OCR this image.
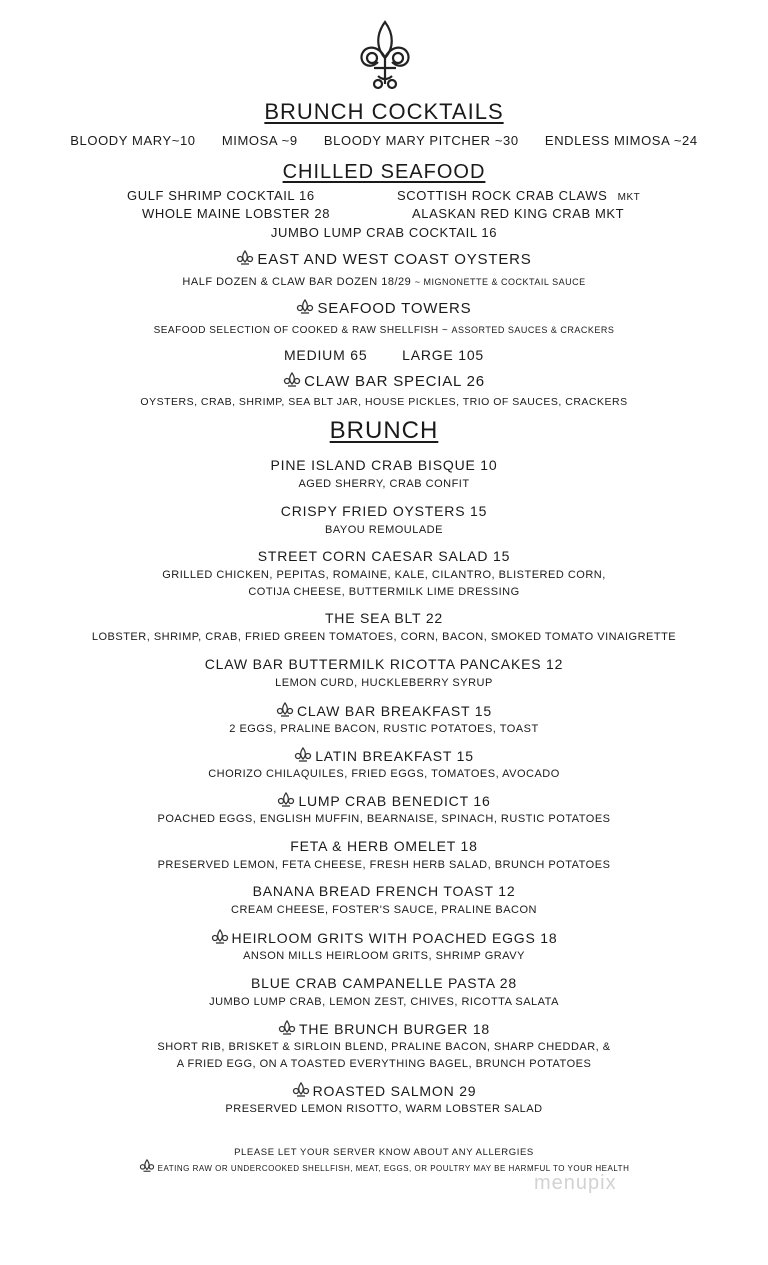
BRUNCH COCKTAILS
BLOODY MARY~10 MIMOSA ~9 BLOODY MARY PITCHER ~30 ENDLESS MIMOSA ~24
CHILLED SEAFOOD
GULF SHRIMP COCKTAIL 16	SCOTTISH ROCK CRAB CLAWS MKT
WHOLE MAINE LOBSTER 28	ALASKAN RED KING CRAB MKT
JUMBO LUMP CRAB COCKTAIL 16
EAST AND WEST COAST OYSTERS
HALF DOZEN & CLAW BAR DOZEN 18/29 ~ MIGNONETTE & COCKTAIL SAUCE
SEAFOOD TOWERS
SEAFOOD SELECTION OF COOKED & RAW SHELLFISH ~ ASSORTED SAUCES & CRACKERS
MEDIUM 65 LARGE 105
CLAW BAR SPECIAL 26
OYSTERS, CRAB, SHRIMP, SEA BLT JAR, HOUSE PICKLES, TRIO OF SAUCES, CRACKERS
BRUNCH
PINE ISLAND CRAB BISQUE 10
AGED SHERRY, CRAB CONFIT
CRISPY FRIED OYSTERS 15
BAYOU REMOULADE
STREET CORN CAESAR SALAD 15
GRILLED CHICKEN, PEPITAS, ROMAINE, KALE, CILANTRO, BLISTERED CORN,
COTIJA CHEESE, BUTTERMILK LIME DRESSING
THE SEA BLT 22
LOBSTER, SHRIMP, CRAB, FRIED GREEN TOMATOES, CORN, BACON, SMOKED TOMATO VINAIGRETTE
CLAW BAR BUTTERMILK RICOTTA PANCAKES 12
LEMON CURD, HUCKLEBERRY SYRUP
CLAW BAR BREAKFAST 15
2 EGGS, PRALINE BACON, RUSTIC POTATOES, TOAST
LATIN BREAKFAST 15
CHORIZO CHILAQUILES, FRIED EGGS, TOMATOES, AVOCADO
LUMP CRAB BENEDICT 16
POACHED EGGS, ENGLISH MUFFIN, BEARNAISE, SPINACH, RUSTIC POTATOES
FETA & HERB OMELET 18
PRESERVED LEMON, FETA CHEESE, FRESH HERB SALAD, BRUNCH POTATOES
BANANA BREAD FRENCH TOAST 12
CREAM CHEESE, FOSTER'S SAUCE, PRALINE BACON
HEIRLOOM GRITS WITH POACHED EGGS 18
ANSON MILLS HEIRLOOM GRITS, SHRIMP GRAVY
BLUE CRAB CAMPANELLE PASTA 28
JUMBO LUMP CRAB, LEMON ZEST, CHIVES, RICOTTA SALATA
THE BRUNCH BURGER 18
SHORT RIB, BRISKET & SIRLOIN BLEND, PRALINE BACON, SHARP CHEDDAR, &
A FRIED EGG, ON A TOASTED EVERYTHING BAGEL, BRUNCH POTATOES
ROASTED SALMON 29
PRESERVED LEMON RISOTTO, WARM LOBSTER SALAD
PLEASE LET YOUR SERVER KNOW ABOUT ANY ALLERGIES
EATING RAW OR UNDERCOOKED SHELLFISH, MEAT, EGGS, OR POULTRY MAY BE HARMFUL TO YOUR HEALTH
menupix
